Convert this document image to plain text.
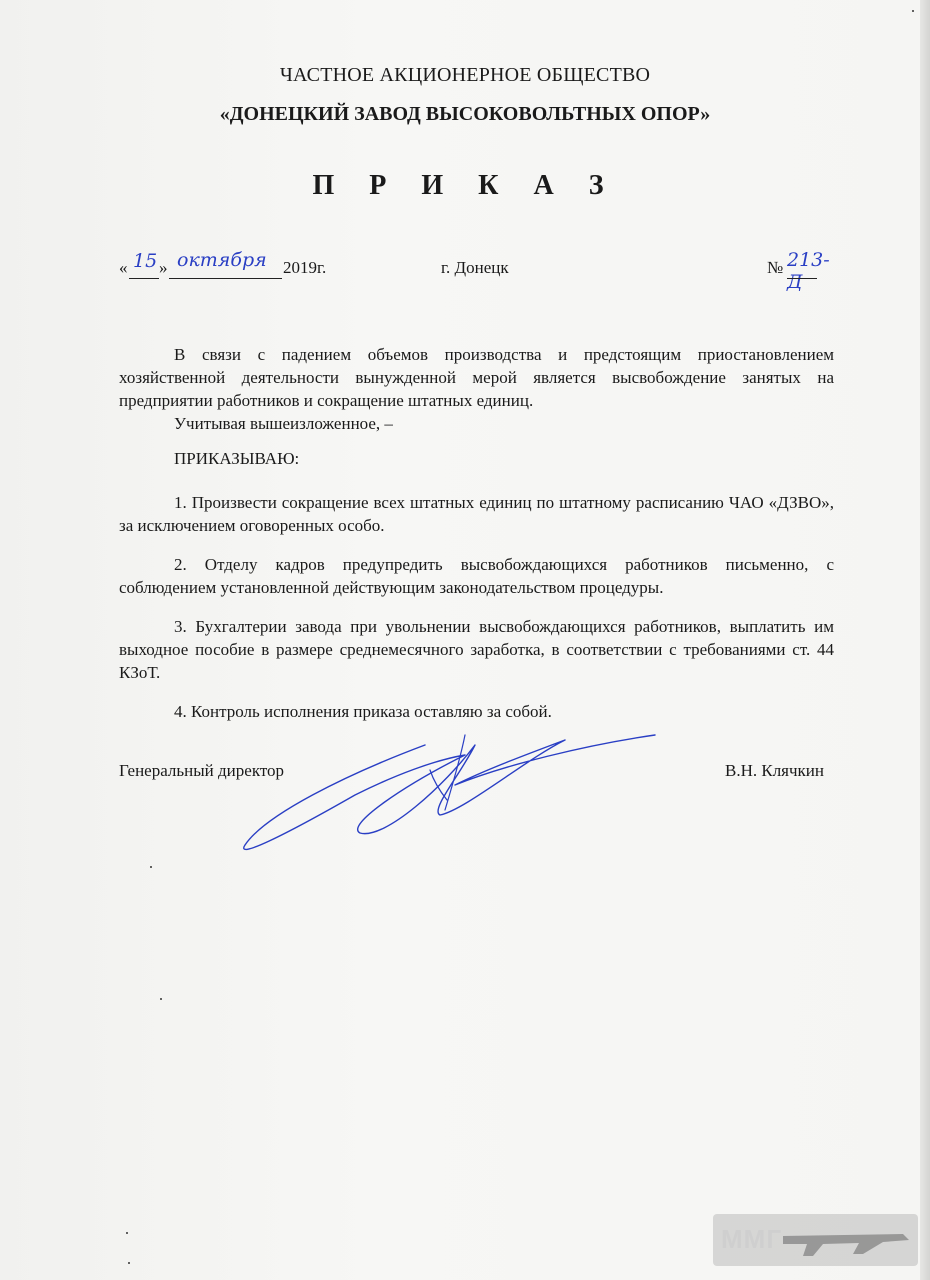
ЧАСТНОЕ АКЦИОНЕРНОЕ ОБЩЕСТВО
«ДОНЕЦКИЙ ЗАВОД ВЫСОКОВОЛЬТНЫХ ОПОР»
П Р И К А З
« 15 » октября 2019г.	г. Донецк	№ 213-Д

В связи с падением объемов производства и предстоящим приостановлением хозяйственной деятельности вынужденной мерой является высвобождение занятых на предприятии работников и сокращение штатных единиц.

Учитывая вышеизложенное, –

ПРИКАЗЫВАЮ:

1. Произвести сокращение всех штатных единиц по штатному расписанию ЧАО «ДЗВО», за исключением оговоренных особо.

2. Отделу кадров предупредить высвобождающихся работников письменно, с соблюдением установленной действующим законодательством процедуры.

3. Бухгалтерии завода при увольнении высвобождающихся работников, выплатить им выходное пособие в размере среднемесячного заработка, в соответствии с требованиями ст. 44 КЗоТ.

4. Контроль исполнения приказа оставляю за собой.

Генеральный директор	В.Н. Клячкин
ММГ
